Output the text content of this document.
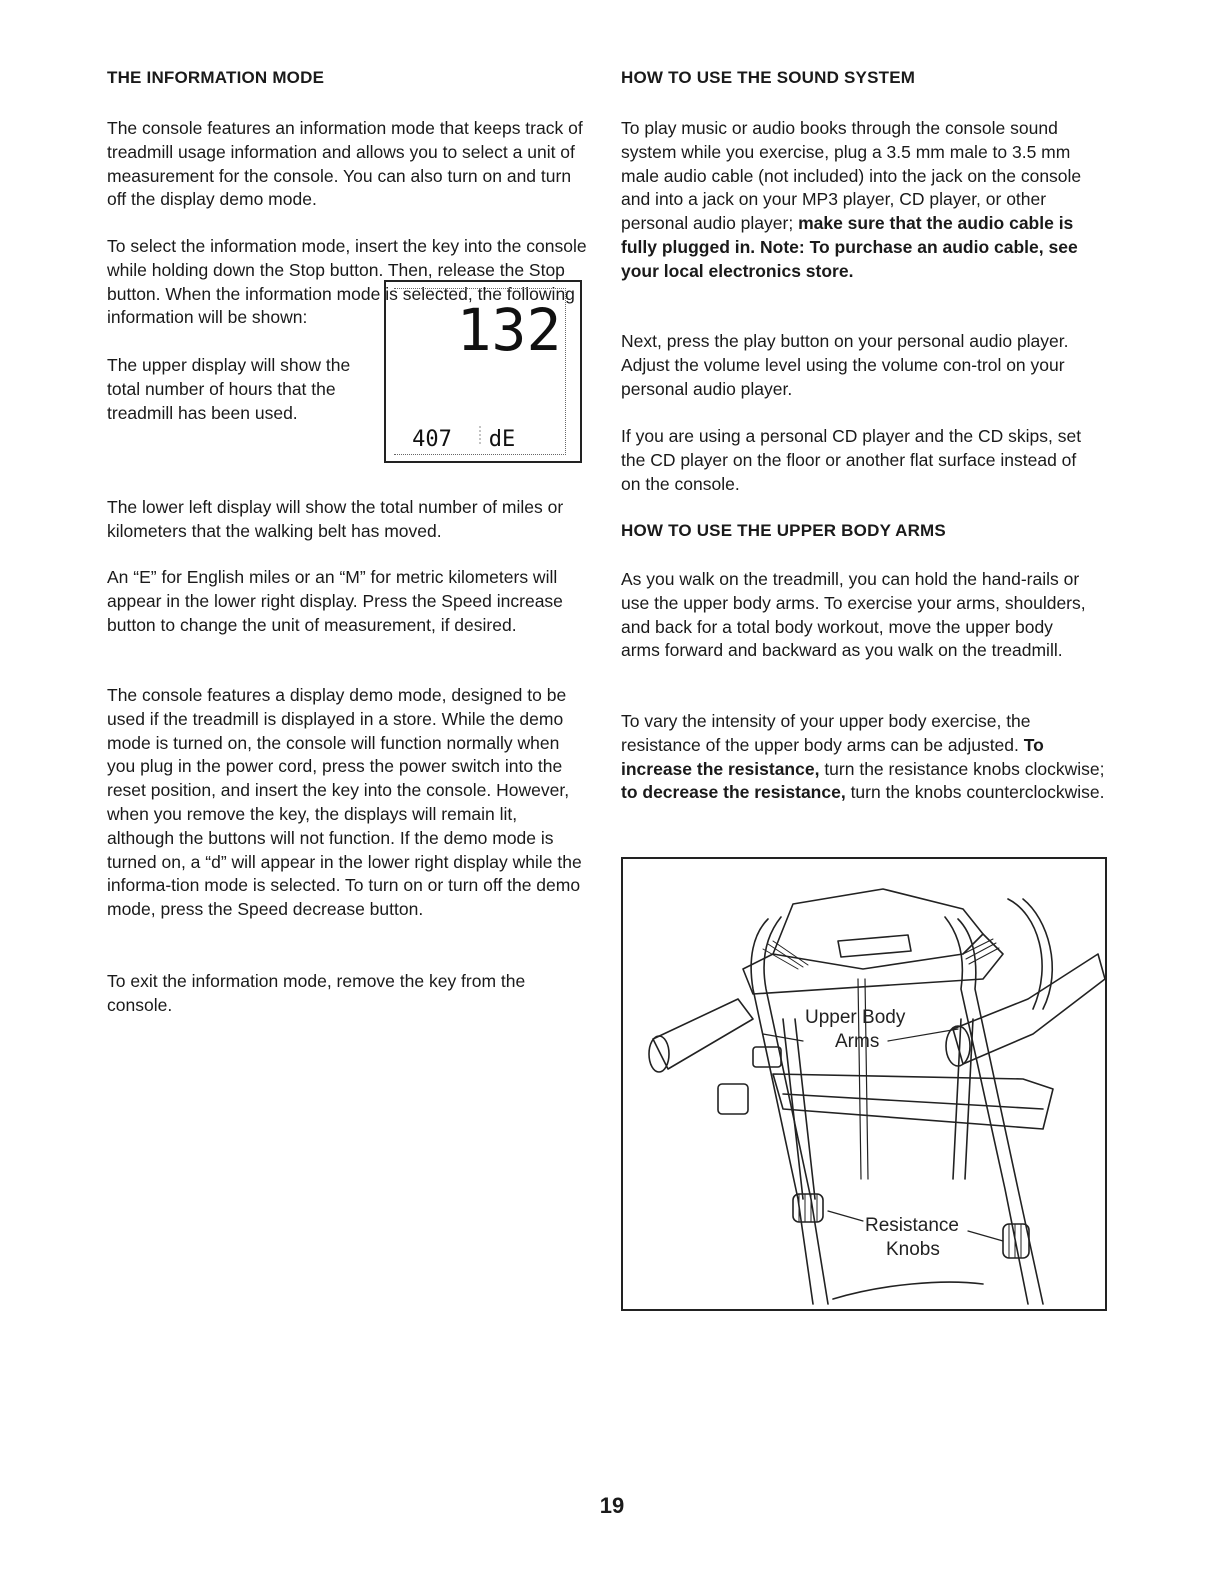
THE INFORMATION MODE

The console features an information mode that keeps track of treadmill usage information and allows you to select a unit of measurement for the console. You can also turn on and turn off the display demo mode.

To select the information mode, insert the key into the console while holding down the Stop button. Then, release the Stop button. When the information mode is selected, the following information will be shown:

The upper display will show the total number of hours that the treadmill has been used.

132
407 dE

The lower left display will show the total number of miles or kilometers that the walking belt has moved.

An “E” for English miles or an “M” for metric kilometers will appear in the lower right display. Press the Speed increase button to change the unit of measurement, if desired.

The console features a display demo mode, designed to be used if the treadmill is displayed in a store. While the demo mode is turned on, the console will function normally when you plug in the power cord, press the power switch into the reset position, and insert the key into the console. However, when you remove the key, the displays will remain lit, although the buttons will not function. If the demo mode is turned on, a “d” will appear in the lower right display while the informa-tion mode is selected. To turn on or turn off the demo mode, press the Speed decrease button.

To exit the information mode, remove the key from the console.

HOW TO USE THE SOUND SYSTEM

To play music or audio books through the console sound system while you exercise, plug a 3.5 mm male to 3.5 mm male audio cable (not included) into the jack on the console and into a jack on your MP3 player, CD player, or other personal audio player; make sure that the audio cable is fully plugged in. Note: To purchase an audio cable, see your local electronics store.

Next, press the play button on your personal audio player. Adjust the volume level using the volume con-trol on your personal audio player.

If you are using a personal CD player and the CD skips, set the CD player on the floor or another flat surface instead of on the console.

HOW TO USE THE UPPER BODY ARMS

As you walk on the treadmill, you can hold the hand-rails or use the upper body arms. To exercise your arms, shoulders, and back for a total body workout, move the upper body arms forward and backward as you walk on the treadmill.

To vary the intensity of your upper body exercise, the resistance of the upper body arms can be adjusted. To increase the resistance, turn the resistance knobs clockwise; to decrease the resistance, turn the knobs counterclockwise.

Upper Body
Arms
Resistance
Knobs
19
